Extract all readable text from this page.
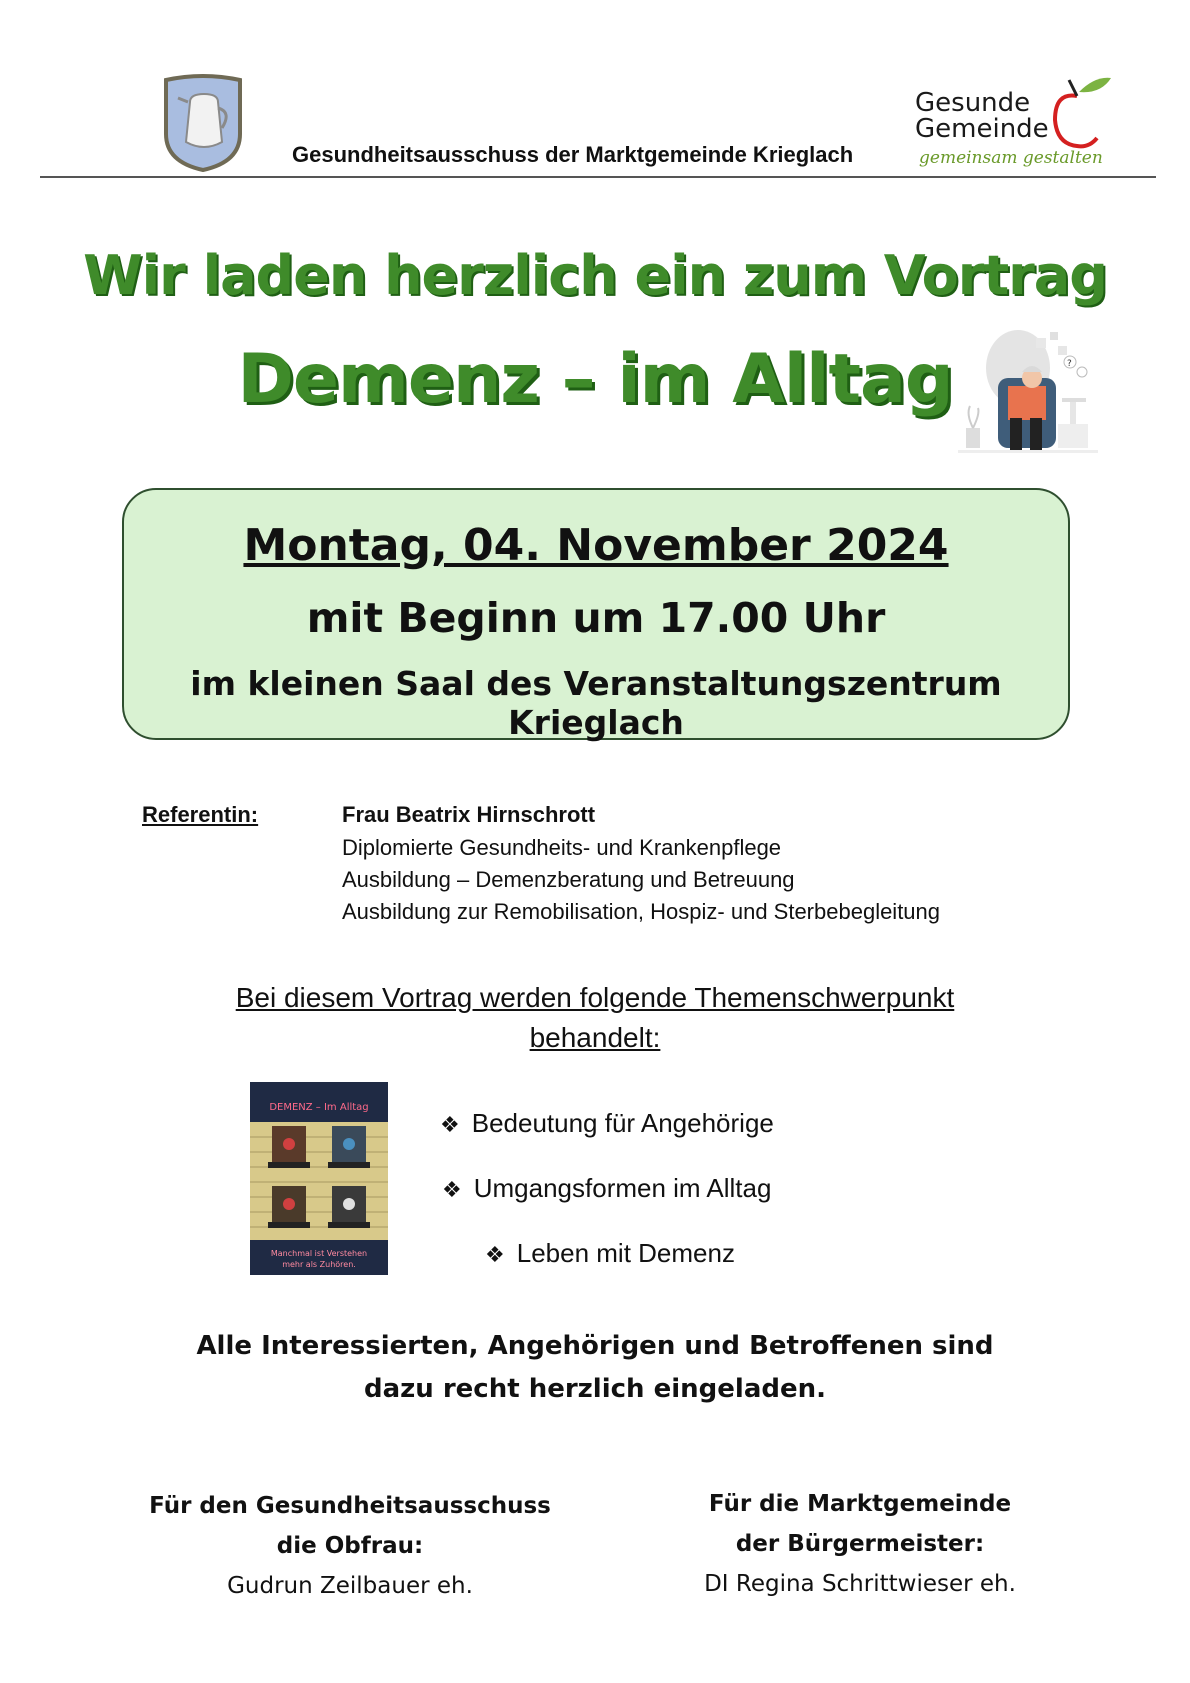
Gesundheitsausschuss der Marktgemeinde Krieglach
Gesunde
Gemeinde
gemeinsam gestalten
Wir laden herzlich ein zum Vortrag
Demenz – im Alltag	?
Montag, 04. November 2024
mit Beginn um 17.00 Uhr
im kleinen Saal des Veranstaltungszentrum Krieglach
Referentin:	Frau Beatrix Hirnschrott
Diplomierte Gesundheits- und Krankenpflege
Ausbildung – Demenzberatung und Betreuung
Ausbildung zur Remobilisation, Hospiz- und Sterbebegleitung
Bei diesem Vortrag werden folgende Themenschwerpunkt
behandelt:
DEMENZ – Im Alltag
Manchmal ist Verstehen
mehr als Zuhören.
❖ Bedeutung für Angehörige
❖ Umgangsformen im Alltag
❖ Leben mit Demenz
Alle Interessierten, Angehörigen und Betroffenen sind
dazu recht herzlich eingeladen.
Für den Gesundheitsausschuss
die Obfrau:
Gudrun Zeilbauer eh.
Für die Marktgemeinde
der Bürgermeister:
DI Regina Schrittwieser eh.
